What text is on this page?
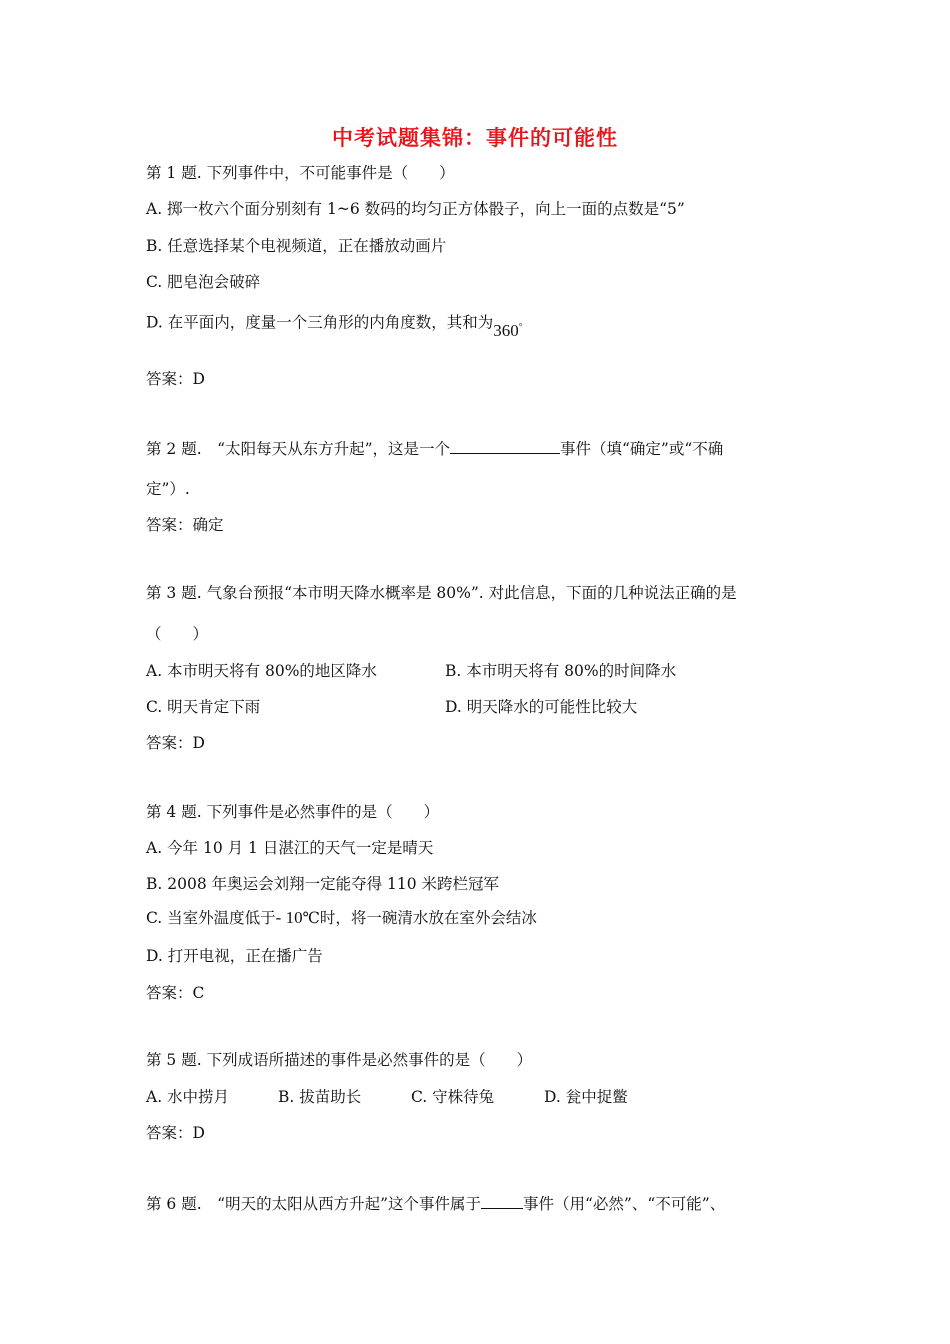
中考试题集锦：事件的可能性
第 1 题. 下列事件中，不可能事件是（　　）
A. 掷一枚六个面分别刻有 1~6 数码的均匀正方体骰子，向上一面的点数是“5”
B. 任意选择某个电视频道，正在播放动画片
C. 肥皂泡会破碎
D. 在平面内，度量一个三角形的内角度数，其和为360°
答案：D
第 2 题.　“太阳每天从东方升起”，这是一个	事件（填“确定”或“不确
定”）.
答案：确定
第 3 题. 气象台预报“本市明天降水概率是 80%”. 对此信息，下面的几种说法正确的是
（　　）
A. 本市明天将有 80%的地区降水	B. 本市明天将有 80%的时间降水
C. 明天肯定下雨	D. 明天降水的可能性比较大
答案：D
第 4 题. 下列事件是必然事件的是（　　）
A. 今年 10 月 1 日湛江的天气一定是晴天
B. 2008 年奥运会刘翔一定能夺得 110 米跨栏冠军
C. 当室外温度低于- 10℃时，将一碗清水放在室外会结冰
D. 打开电视，正在播广告
答案：C
第 5 题. 下列成语所描述的事件是必然事件的是（　　）
A. 水中捞月	B. 拔苗助长	C. 守株待兔	D. 瓮中捉鳖
答案：D
第 6 题.　“明天的太阳从西方升起”这个事件属于	事件（用“必然”、“不可能”、
